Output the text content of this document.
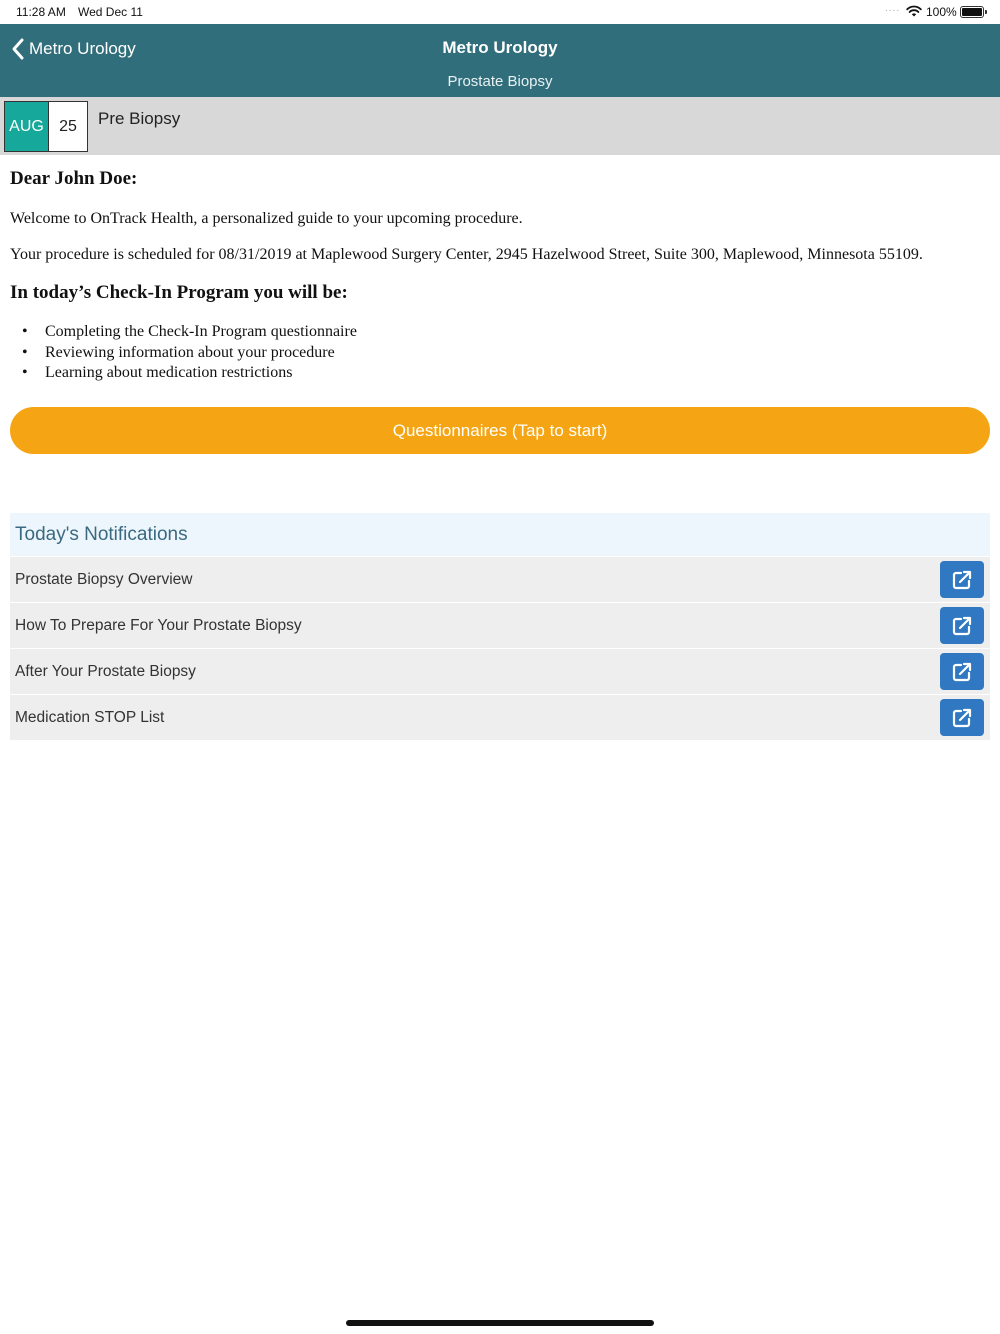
11:28 AM Wed Dec 11	.... 100%
Metro Urology	Metro Urology
Prostate Biopsy
AUG 25	Pre Biopsy
Dear John Doe:

Welcome to OnTrack Health, a personalized guide to your upcoming procedure.

Your procedure is scheduled for 08/31/2019 at Maplewood Surgery Center, 2945 Hazelwood Street, Suite 300, Maplewood, Minnesota 55109.

In today’s Check-In Program you will be:
• Completing the Check-In Program questionnaire
• Reviewing information about your procedure
• Learning about medication restrictions
Questionnaires (Tap to start)
Today's Notifications
Prostate Biopsy Overview
How To Prepare For Your Prostate Biopsy
After Your Prostate Biopsy
Medication STOP List
